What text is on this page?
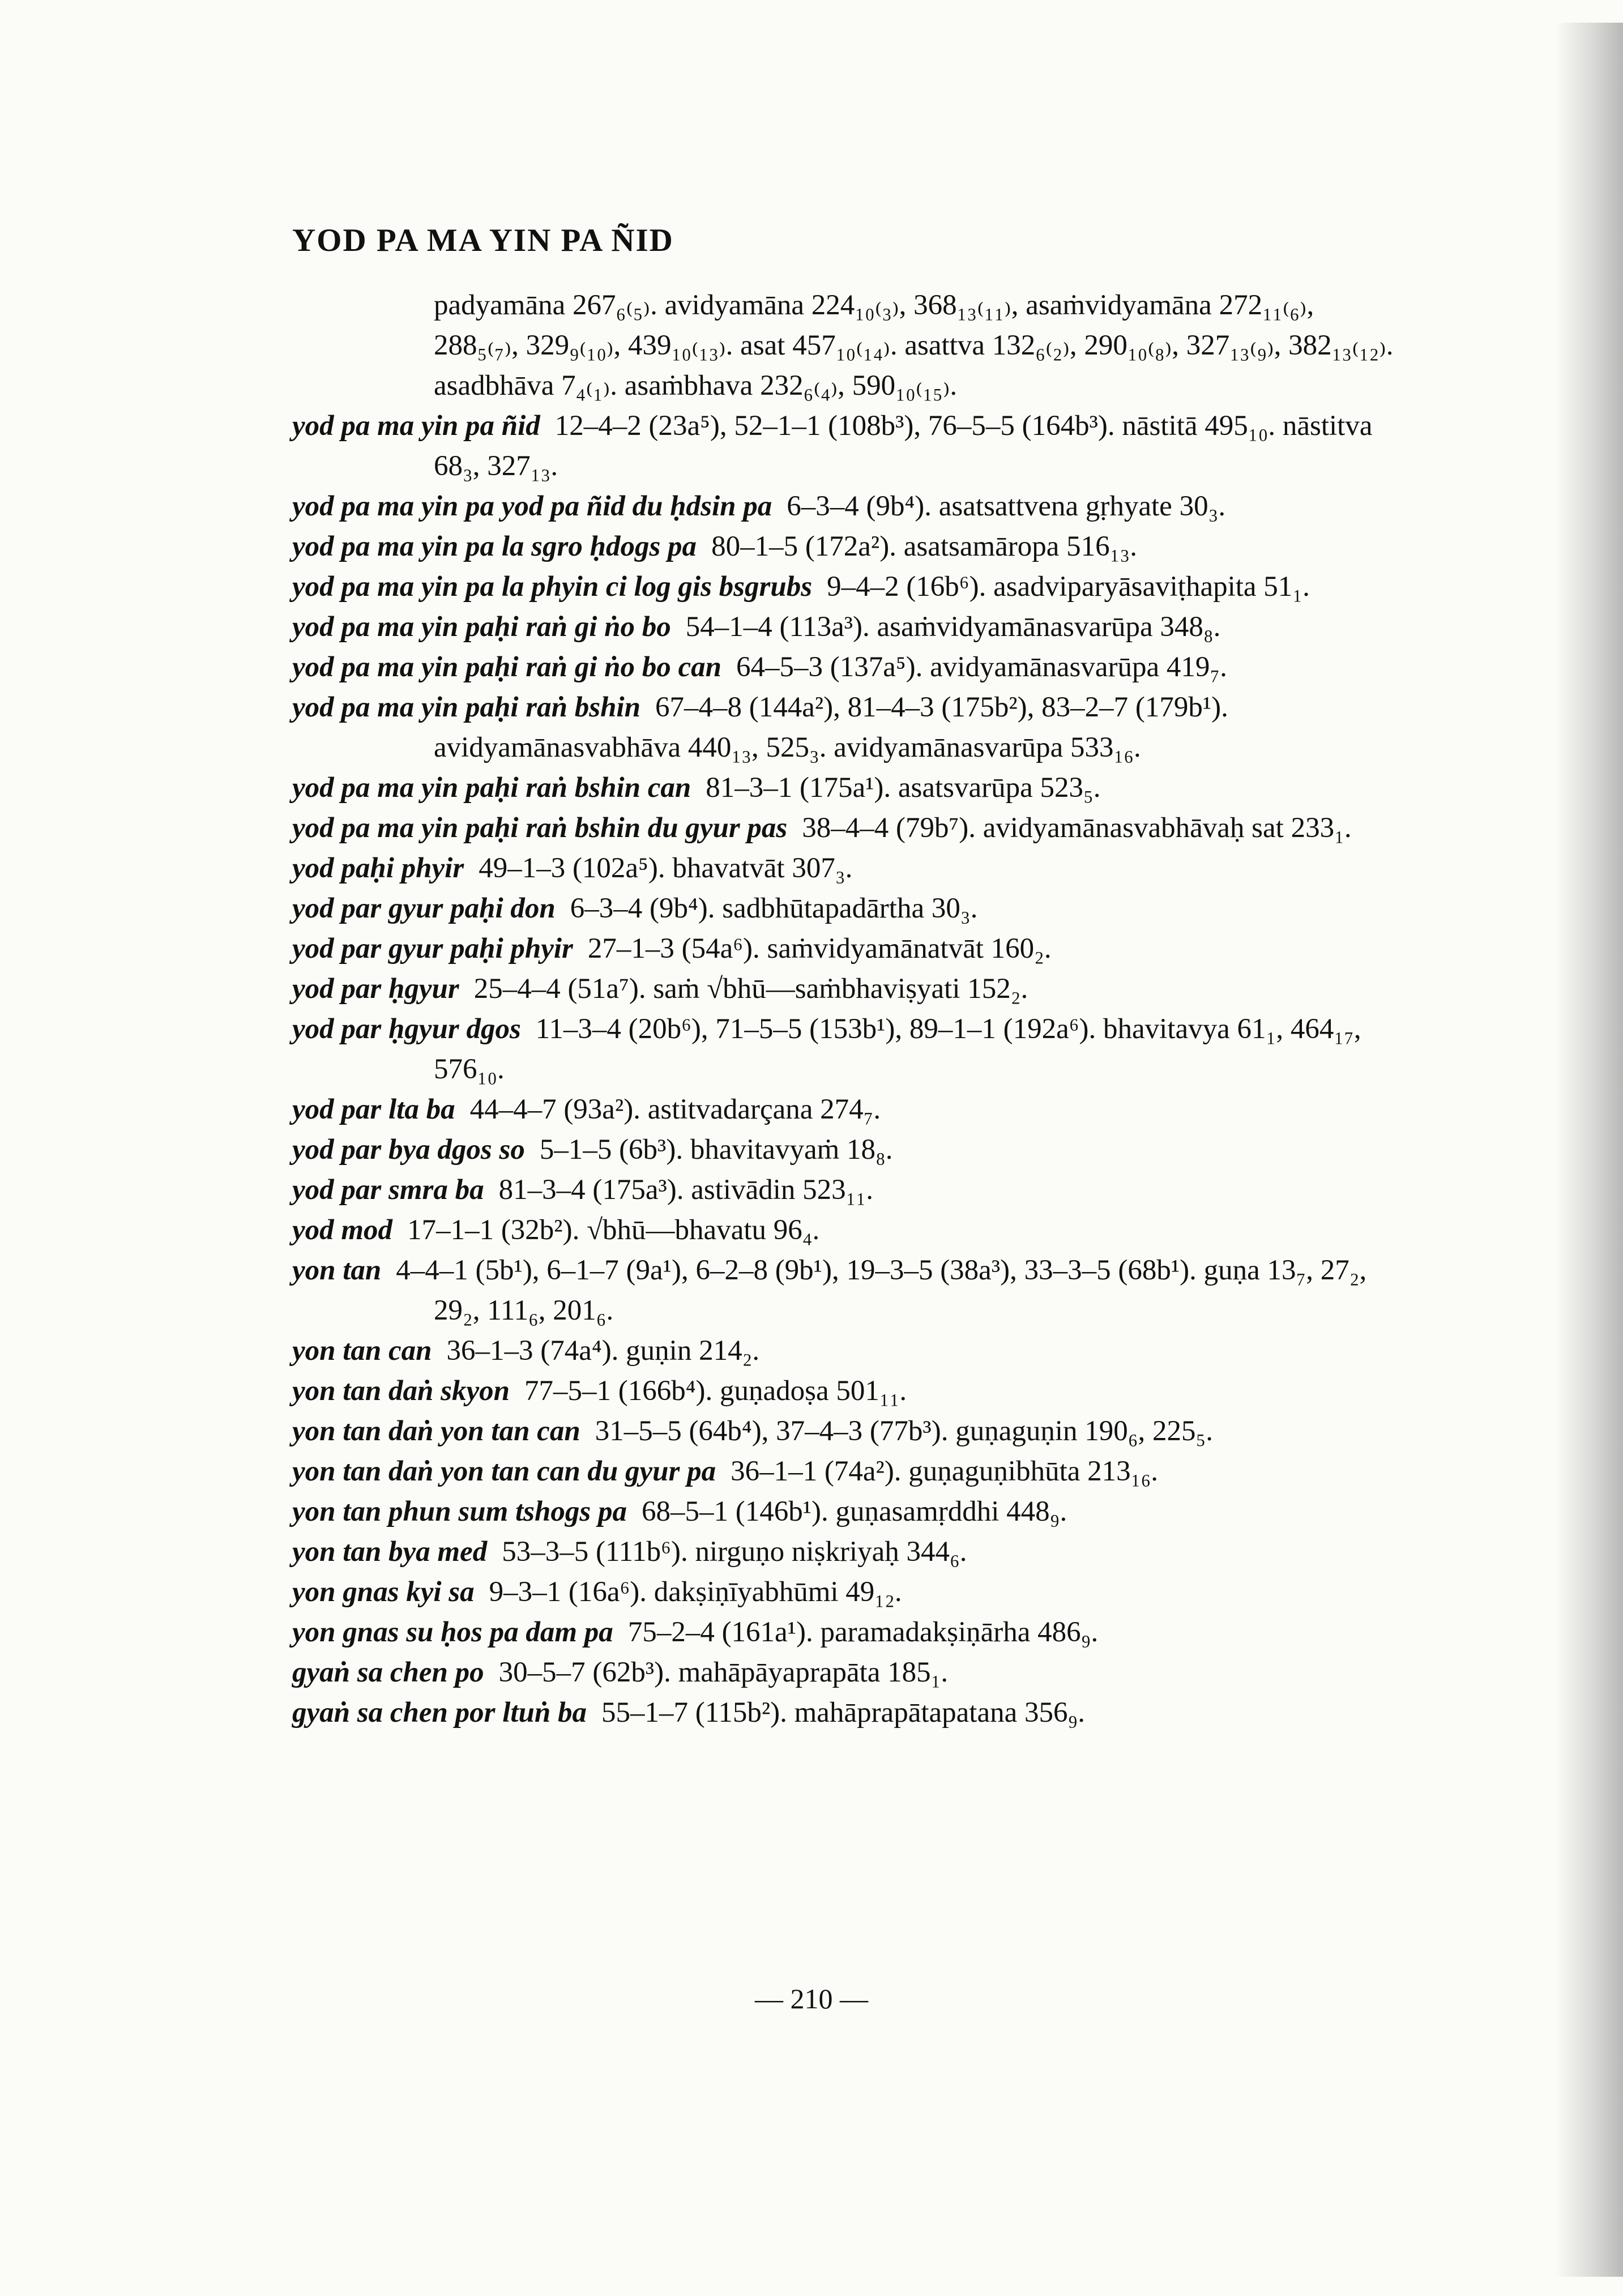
YOD PA MA YIN PA ÑID

padyamāna 267₆₍₅₎. avidyamāna 224₁₀₍₃₎, 368₁₃₍₁₁₎, asaṁvidyamāna 272₁₁₍₆₎, 288₅₍₇₎, 329₉₍₁₀₎, 439₁₀₍₁₃₎. asat 457₁₀₍₁₄₎. asattva 132₆₍₂₎, 290₁₀₍₈₎, 327₁₃₍₉₎, 382₁₃₍₁₂₎. asadbhāva 7₄₍₁₎. asaṁbhava 232₆₍₄₎, 590₁₀₍₁₅₎.

yod pa ma yin pa ñid 12–4–2 (23a⁵), 52–1–1 (108b³), 76–5–5 (164b³). nāstitā 495₁₀. nāstitva 68₃, 327₁₃.

yod pa ma yin pa yod pa ñid du ḥdsin pa 6–3–4 (9b⁴). asatsattvena gṛhyate 30₃.

yod pa ma yin pa la sgro ḥdogs pa 80–1–5 (172a²). asatsamāropa 516₁₃.

yod pa ma yin pa la phyin ci log gis bsgrubs 9–4–2 (16b⁶). asadviparyāsaviṭhapita 51₁.

yod pa ma yin paḥi raṅ gi ṅo bo 54–1–4 (113a³). asaṁvidyamānasvarūpa 348₈.

yod pa ma yin paḥi raṅ gi ṅo bo can 64–5–3 (137a⁵). avidyamānasvarūpa 419₇.

yod pa ma yin paḥi raṅ bshin 67–4–8 (144a²), 81–4–3 (175b²), 83–2–7 (179b¹). avidyamānasvabhāva 440₁₃, 525₃. avidyamānasvarūpa 533₁₆.

yod pa ma yin paḥi raṅ bshin can 81–3–1 (175a¹). asatsvarūpa 523₅.

yod pa ma yin paḥi raṅ bshin du gyur pas 38–4–4 (79b⁷). avidyamānasvabhāvaḥ sat 233₁.

yod paḥi phyir 49–1–3 (102a⁵). bhavatvāt 307₃.

yod par gyur paḥi don 6–3–4 (9b⁴). sadbhūtapadārtha 30₃.

yod par gyur paḥi phyir 27–1–3 (54a⁶). saṁvidyamānatvāt 160₂.

yod par ḥgyur 25–4–4 (51a⁷). saṁ √bhū—saṁbhaviṣyati 152₂.

yod par ḥgyur dgos 11–3–4 (20b⁶), 71–5–5 (153b¹), 89–1–1 (192a⁶). bhavitavya 61₁, 464₁₇, 576₁₀.

yod par lta ba 44–4–7 (93a²). astitvadarçana 274₇.

yod par bya dgos so 5–1–5 (6b³). bhavitavyaṁ 18₈.

yod par smra ba 81–3–4 (175a³). astivādin 523₁₁.

yod mod 17–1–1 (32b²). √bhū—bhavatu 96₄.

yon tan 4–4–1 (5b¹), 6–1–7 (9a¹), 6–2–8 (9b¹), 19–3–5 (38a³), 33–3–5 (68b¹). guṇa 13₇, 27₂, 29₂, 111₆, 201₆.

yon tan can 36–1–3 (74a⁴). guṇin 214₂.

yon tan daṅ skyon 77–5–1 (166b⁴). guṇadoṣa 501₁₁.

yon tan daṅ yon tan can 31–5–5 (64b⁴), 37–4–3 (77b³). guṇaguṇin 190₆, 225₅.

yon tan daṅ yon tan can du gyur pa 36–1–1 (74a²). guṇaguṇibhūta 213₁₆.

yon tan phun sum tshogs pa 68–5–1 (146b¹). guṇasamṛddhi 448₉.

yon tan bya med 53–3–5 (111b⁶). nirguṇo niṣkriyaḥ 344₆.

yon gnas kyi sa 9–3–1 (16a⁶). dakṣiṇīyabhūmi 49₁₂.

yon gnas su ḥos pa dam pa 75–2–4 (161a¹). paramadakṣiṇārha 486₉.

gyaṅ sa chen po 30–5–7 (62b³). mahāpāyaprapāta 185₁.

gyaṅ sa chen por ltuṅ ba 55–1–7 (115b²). mahāprapātapatana 356₉.

— 210 —
